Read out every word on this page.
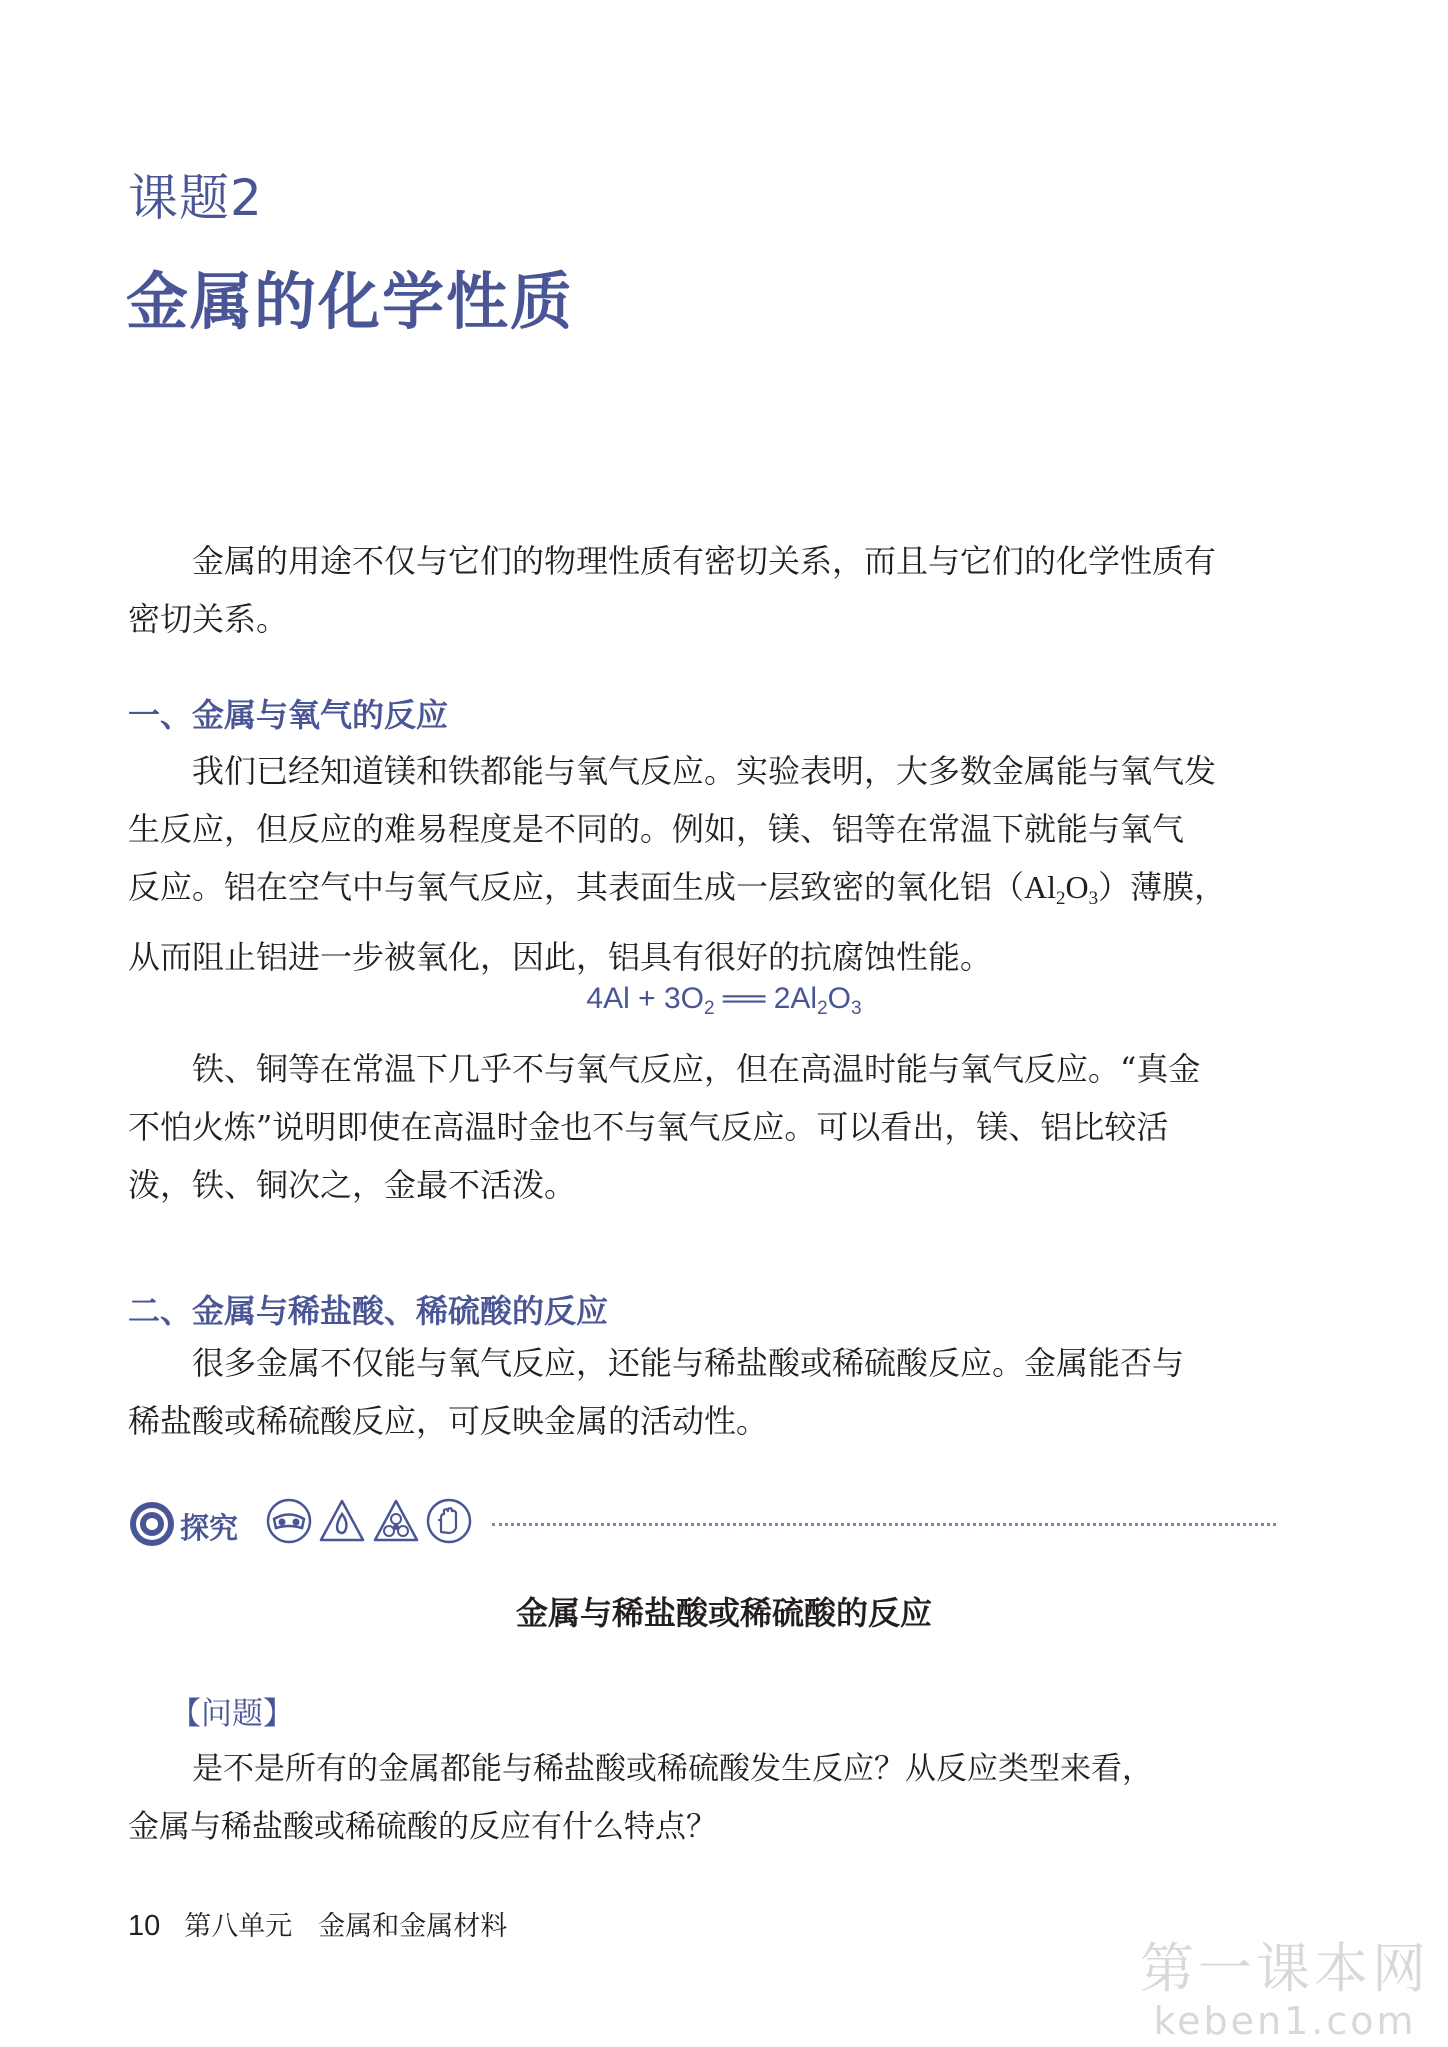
课题2
金属的化学性质
金属的用途不仅与它们的物理性质有密切关系，而且与它们的化学性质有
密切关系。
一、金属与氧气的反应
我们已经知道镁和铁都能与氧气反应。实验表明，大多数金属能与氧气发
生反应，但反应的难易程度是不同的。例如，镁、铝等在常温下就能与氧气
反应。铝在空气中与氧气反应，其表面生成一层致密的氧化铝$(Al_2O_3)$薄膜，
从而阻止铝进一步被氧化，因此，铝具有很好的抗腐蚀性能。
$4Al + 3O_2$ ══ $2Al_2O_3$
铁、铜等在常温下几乎不与氧气反应，但在高温时能与氧气反应。“真金
不怕火炼”说明即使在高温时金也不与氧气反应。可以看出，镁、铝比较活
泼，铁、铜次之，金最不活泼。
二、金属与稀盐酸、稀硫酸的反应
很多金属不仅能与氧气反应，还能与稀盐酸或稀硫酸反应。金属能否与
稀盐酸或稀硫酸反应，可反映金属的活动性。
探究
金属与稀盐酸或稀硫酸的反应
【问题】
是不是所有的金属都能与稀盐酸或稀硫酸发生反应？从反应类型来看，
金属与稀盐酸或稀硫酸的反应有什么特点？
10 第八单元 金属和金属材料
第一课本网
keben1.com
